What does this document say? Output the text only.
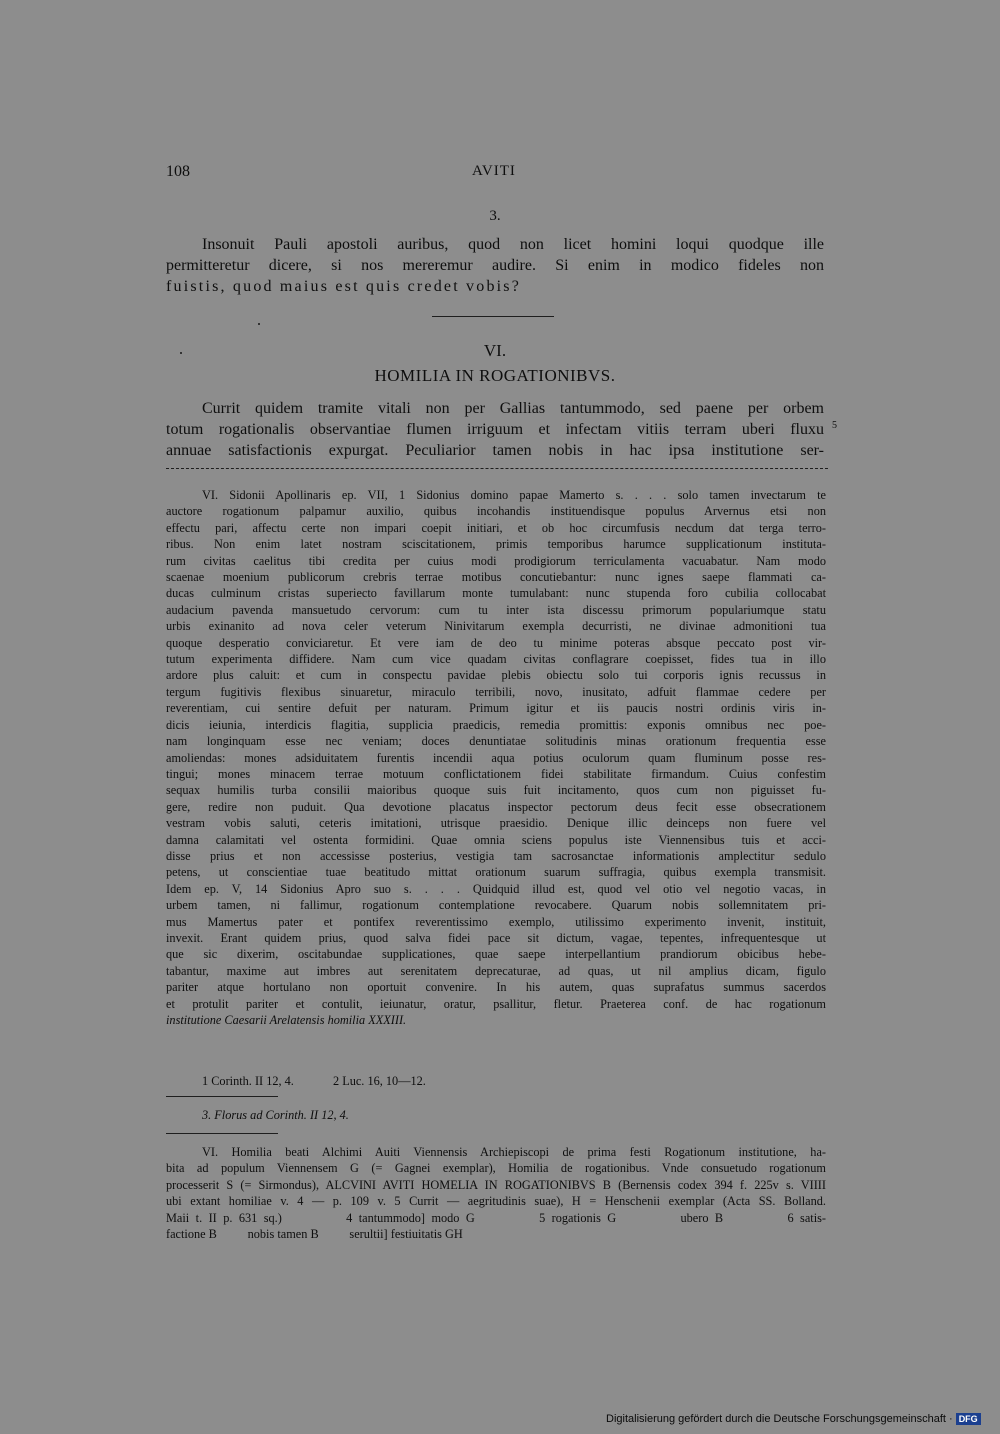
108	AVITI
3.
Insonuit Pauli apostoli auribus, quod non licet homini loqui quodque ille
permitteretur dicere, si nos mereremur audire. Si enim in modico fideles non
fuistis, quod maius est quis credet vobis?
VI.
HOMILIA IN ROGATIONIBVS.
Currit quidem tramite vitali non per Gallias tantummodo, sed paene per orbem
totum rogationalis observantiae flumen irriguum et infectam vitiis terram uberi fluxu
annuae satisfactionis expurgat. Peculiarior tamen nobis in hac ipsa institutione ser-
5
VI. Sidonii Apollinaris ep. VII, 1 Sidonius domino papae Mamerto s. . . . solo tamen invectarum te
auctore rogationum palpamur auxilio, quibus incohandis instituendisque populus Arvernus etsi non
effectu pari, affectu certe non impari coepit initiari, et ob hoc circumfusis necdum dat terga terro-
ribus. Non enim latet nostram sciscitationem, primis temporibus harumce supplicationum instituta-
rum civitas caelitus tibi credita per cuius modi prodigiorum terriculamenta vacuabatur. Nam modo
scaenae moenium publicorum crebris terrae motibus concutiebantur: nunc ignes saepe flammati ca-
ducas culminum cristas superiecto favillarum monte tumulabant: nunc stupenda foro cubilia collocabat
audacium pavenda mansuetudo cervorum: cum tu inter ista discessu primorum populariumque statu
urbis exinanito ad nova celer veterum Ninivitarum exempla decurristi, ne divinae admonitioni tua
quoque desperatio conviciaretur. Et vere iam de deo tu minime poteras absque peccato post vir-
tutum experimenta diffidere. Nam cum vice quadam civitas conflagrare coepisset, fides tua in illo
ardore plus caluit: et cum in conspectu pavidae plebis obiectu solo tui corporis ignis recussus in
tergum fugitivis flexibus sinuaretur, miraculo terribili, novo, inusitato, adfuit flammae cedere per
reverentiam, cui sentire defuit per naturam. Primum igitur et iis paucis nostri ordinis viris in-
dicis ieiunia, interdicis flagitia, supplicia praedicis, remedia promittis: exponis omnibus nec poe-
nam longinquam esse nec veniam; doces denuntiatae solitudinis minas orationum frequentia esse
amoliendas: mones adsiduitatem furentis incendii aqua potius oculorum quam fluminum posse res-
tingui; mones minacem terrae motuum conflictationem fidei stabilitate firmandum. Cuius confestim
sequax humilis turba consilii maioribus quoque suis fuit incitamento, quos cum non piguisset fu-
gere, redire non puduit. Qua devotione placatus inspector pectorum deus fecit esse obsecrationem
vestram vobis saluti, ceteris imitationi, utrisque praesidio. Denique illic deinceps non fuere vel
damna calamitati vel ostenta formidini. Quae omnia sciens populus iste Viennensibus tuis et acci-
disse prius et non accessisse posterius, vestigia tam sacrosanctae informationis amplectitur sedulo
petens, ut conscientiae tuae beatitudo mittat orationum suarum suffragia, quibus exempla transmisit.
Idem ep. V, 14 Sidonius Apro suo s. . . . Quidquid illud est, quod vel otio vel negotio vacas, in
urbem tamen, ni fallimur, rogationum contemplatione revocabere. Quarum nobis sollemnitatem pri-
mus Mamertus pater et pontifex reverentissimo exemplo, utilissimo experimento invenit, instituit,
invexit. Erant quidem prius, quod salva fidei pace sit dictum, vagae, tepentes, infrequentesque ut
que sic dixerim, oscitabundae supplicationes, quae saepe interpellantium prandiorum obicibus hebe-
tabantur, maxime aut imbres aut serenitatem deprecaturae, ad quas, ut nil amplius dicam, figulo
pariter atque hortulano non oportuit convenire. In his autem, quas suprafatus summus sacerdos
et protulit pariter et contulit, ieiunatur, oratur, psallitur, fletur. Praeterea conf. de hac rogationum
institutione Caesarii Arelatensis homilia XXXIII.
1 Corinth. II 12, 4.	2 Luc. 16, 10—12.
3. Florus ad Corinth. II 12, 4.
VI. Homilia beati Alchimi Auiti Viennensis Archiepiscopi de prima festi Rogationum institutione, ha-
bita ad populum Viennensem G (= Gagnei exemplar), Homilia de rogationibus. Vnde consuetudo rogationum
processerit S (= Sirmondus), ALCVINI AVITI HOMELIA IN ROGATIONIBVS B (Bernensis codex 394 f. 225v s. VIIII
ubi extant homiliae v. 4 — p. 109 v. 5 Currit — aegritudinis suae), H = Henschenii exemplar (Acta SS. Bolland.
Maii t. II p. 631 sq.)          4 tantummodo] modo G          5 rogationis G          ubero B          6 satis-
factione B          nobis tamen B          serultii] festiuitatis GH
Digitalisierung gefördert durch die Deutsche Forschungsgemeinschaft · DFG
